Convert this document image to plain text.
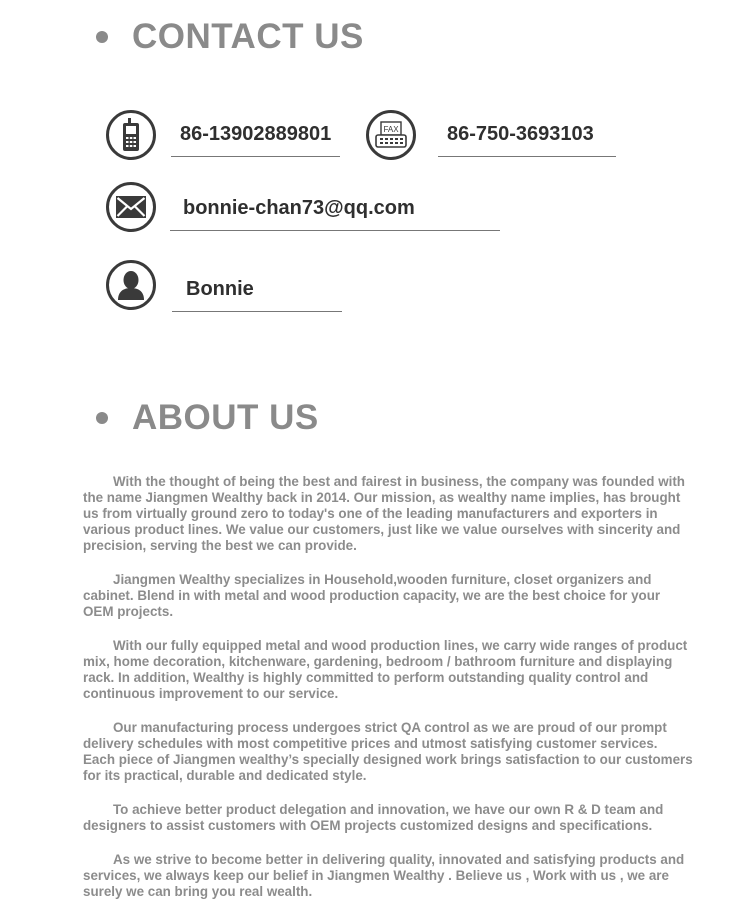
CONTACT US
86-13902889801	FAX 86-750-3693103
bonnie-chan73@qq.com
Bonnie
ABOUT US

With the thought of being the best and fairest in business, the company was founded with the name Jiangmen Wealthy back in 2014. Our mission, as wealthy name implies, has brought us from virtually ground zero to today's one of the leading manufacturers and exporters in various product lines. We value our customers, just like we value ourselves with sincerity and precision, serving the best we can provide.

Jiangmen Wealthy specializes in Household,wooden furniture, closet organizers and cabinet. Blend in with metal and wood production capacity, we are the best choice for your OEM projects.

With our fully equipped metal and wood production lines, we carry wide ranges of product mix, home decoration, kitchenware, gardening, bedroom / bathroom furniture and displaying rack. In addition, Wealthy is highly committed to perform outstanding quality control and continuous improvement to our service.

Our manufacturing process undergoes strict QA control as we are proud of our prompt delivery schedules with most competitive prices and utmost satisfying customer services. Each piece of Jiangmen wealthy’s specially designed work brings satisfaction to our customers for its practical, durable and dedicated style.

To achieve better product delegation and innovation, we have our own R & D team and designers to assist customers with OEM projects customized designs and specifications.

As we strive to become better in delivering quality, innovated and satisfying products and services, we always keep our belief in Jiangmen Wealthy . Believe us , Work with us , we are surely we can bring you real wealth.
